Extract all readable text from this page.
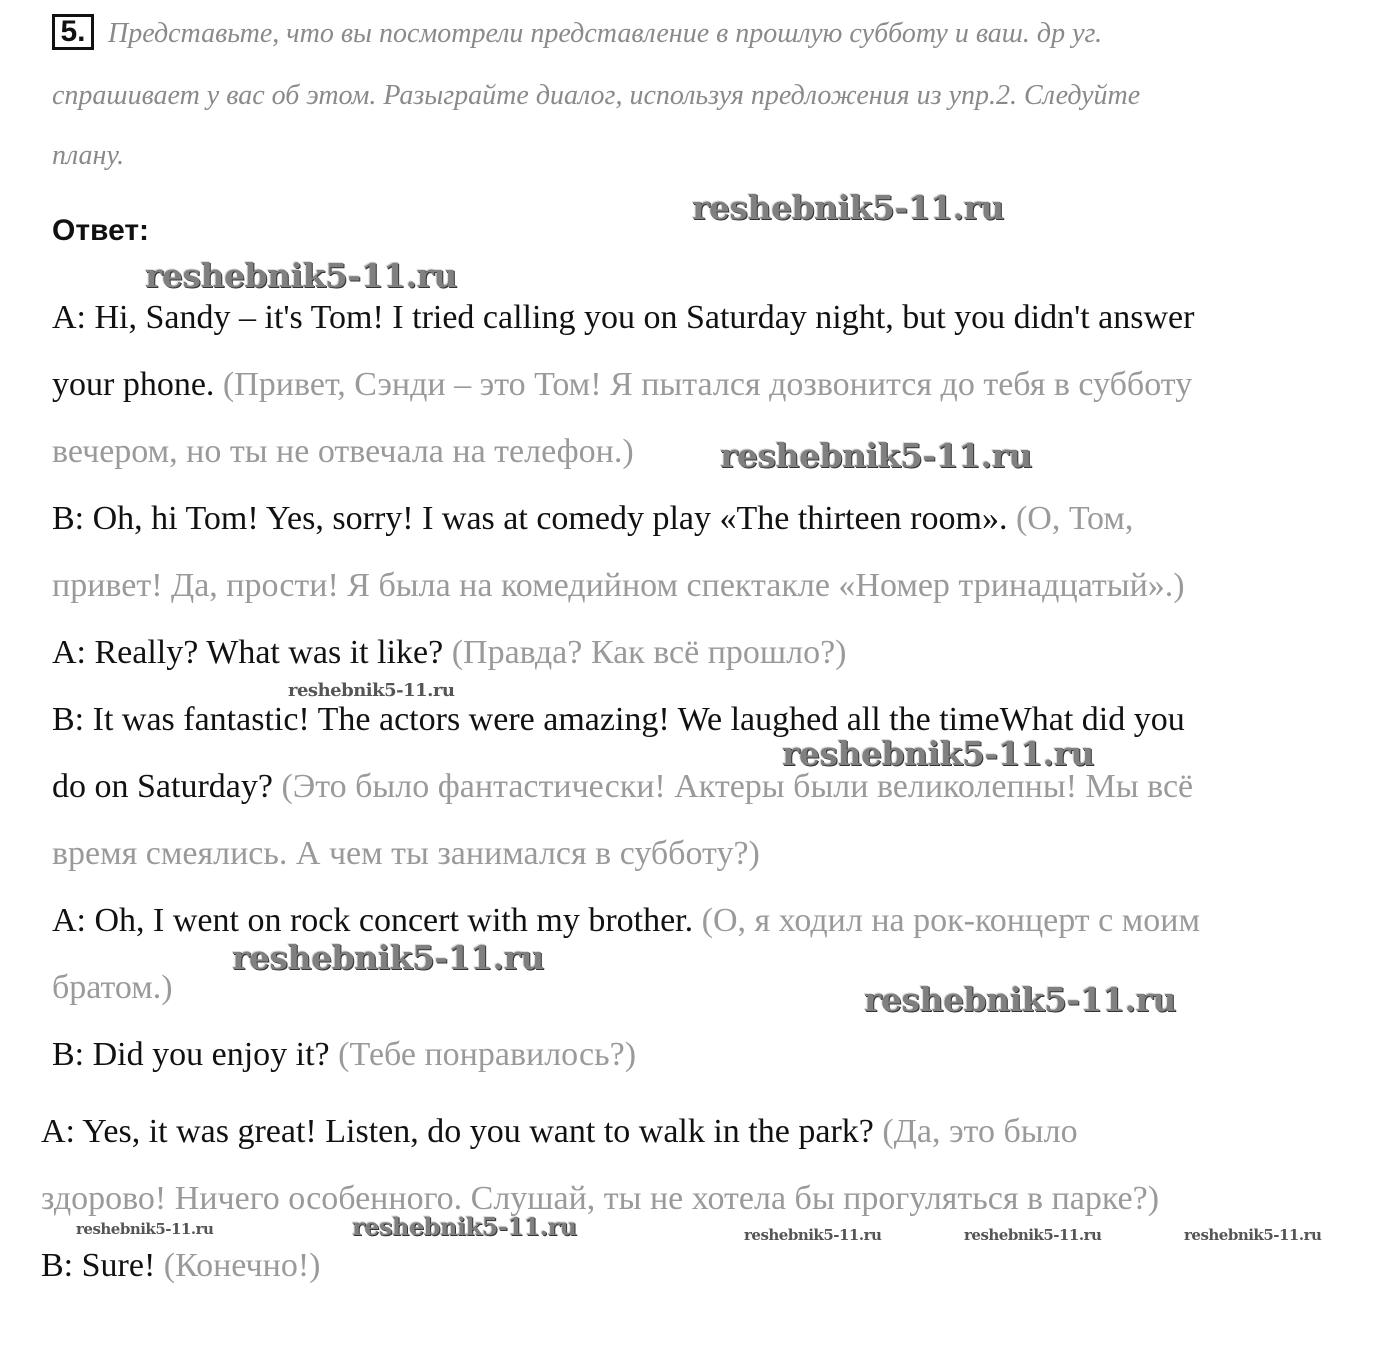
5. Представьте, что вы посмотрели представление в прошлую субботу и ваш. др уг.
спрашивает у вас об этом. Разыграйте диалог, используя предложения из упр.2. Следуйте
плану.
Ответ:
A: Hi, Sandy – it's Tom! I tried calling you on Saturday night, but you didn't answer
your phone. (Привет, Сэнди – это Том! Я пытался дозвонится до тебя в субботу
вечером, но ты не отвечала на телефон.)
B: Oh, hi Tom! Yes, sorry! I was at comedy play «The thirteen room». (О, Том,
привет! Да, прости! Я была на комедийном спектакле «Номер тринадцатый».)
A: Really? What was it like? (Правда? Как всё прошло?)
B: It was fantastic! The actors were amazing! We laughed all the timeWhat did you
do on Saturday? (Это было фантастически! Актеры были великолепны! Мы всё
время смеялись. А чем ты занимался в субботу?)
A: Oh, I went on rock concert with my brother. (О, я ходил на рок-концерт с моим
братом.)
B: Did you enjoy it? (Тебе понравилось?)
A: Yes, it was great! Listen, do you want to walk in the park? (Да, это было
здорово! Ничего особенного. Слушай, ты не хотела бы прогуляться в парке?)
B: Sure! (Конечно!)
reshebnik5-11.ru
reshebnik5-11.ru
reshebnik5-11.ru
reshebnik5-11.ru
reshebnik5-11.ru
reshebnik5-11.ru
reshebnik5-11.ru
reshebnik5-11.ru	reshebnik5-11.ru	reshebnik5-11.ru	reshebnik5-11.ru	reshebnik5-11.ru
